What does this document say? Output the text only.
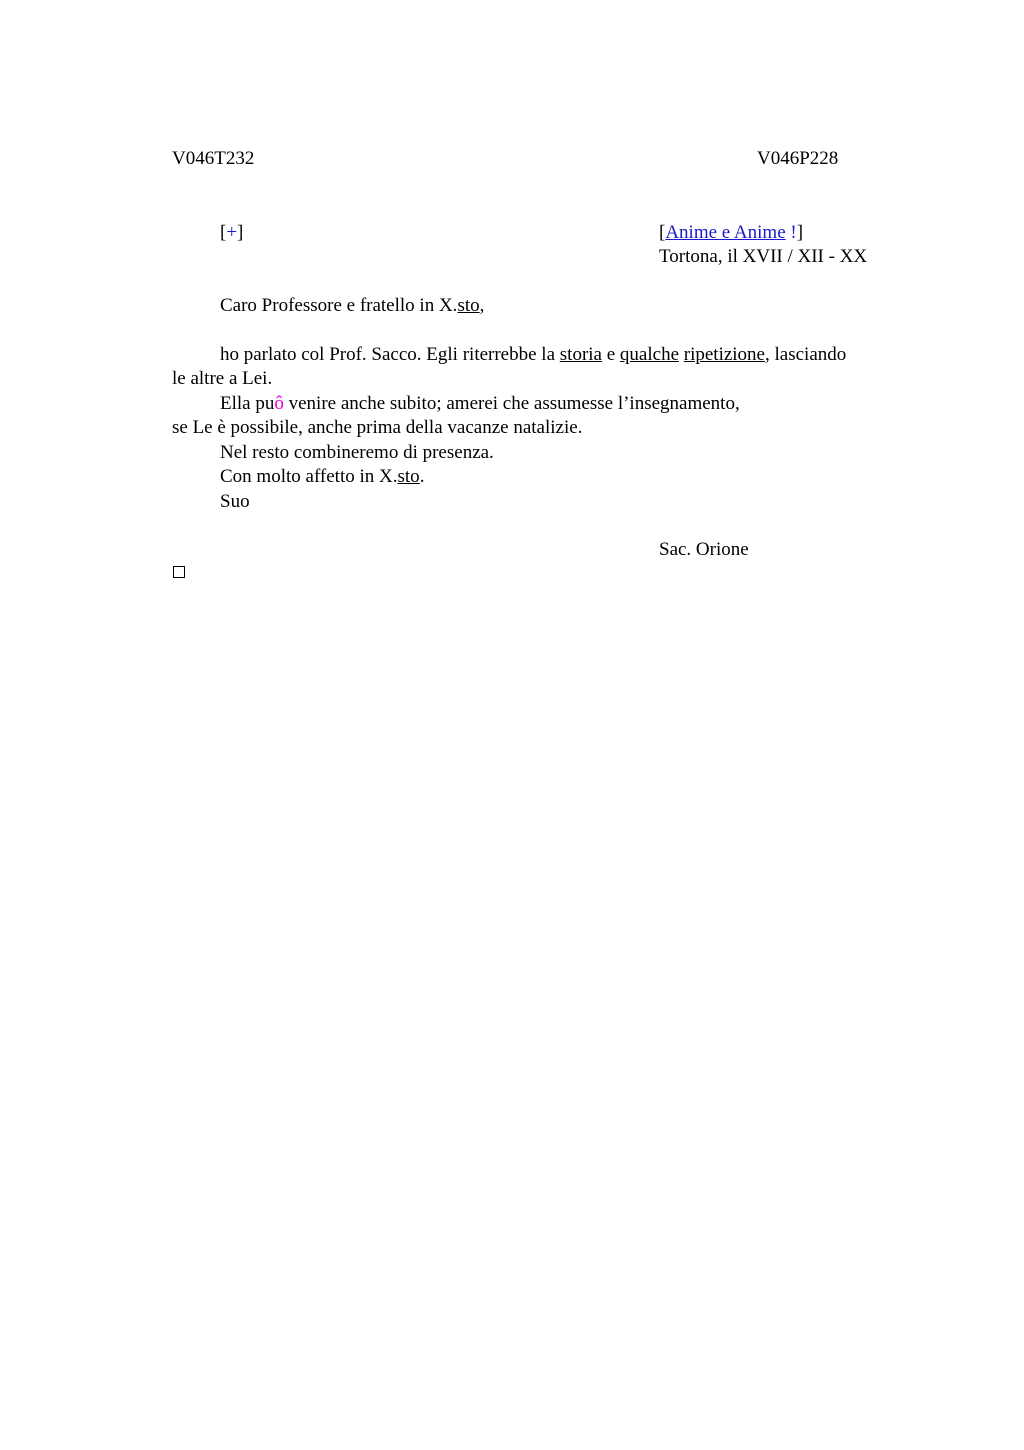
V046T232	V046P228
[+]	[Anime e Anime !]
Tortona, il XVII / XII - XX
Caro Professore e fratello in X.sto,
ho parlato col Prof. Sacco. Egli riterrebbe la storia e qualche ripetizione, lasciando
le altre a Lei.
Ella puô venire anche subito; amerei che assumesse l’insegnamento,
se Le è possibile, anche prima della vacanze natalizie.
Nel resto combineremo di presenza.
Con molto affetto in X.sto.
Suo
Sac. Orione
